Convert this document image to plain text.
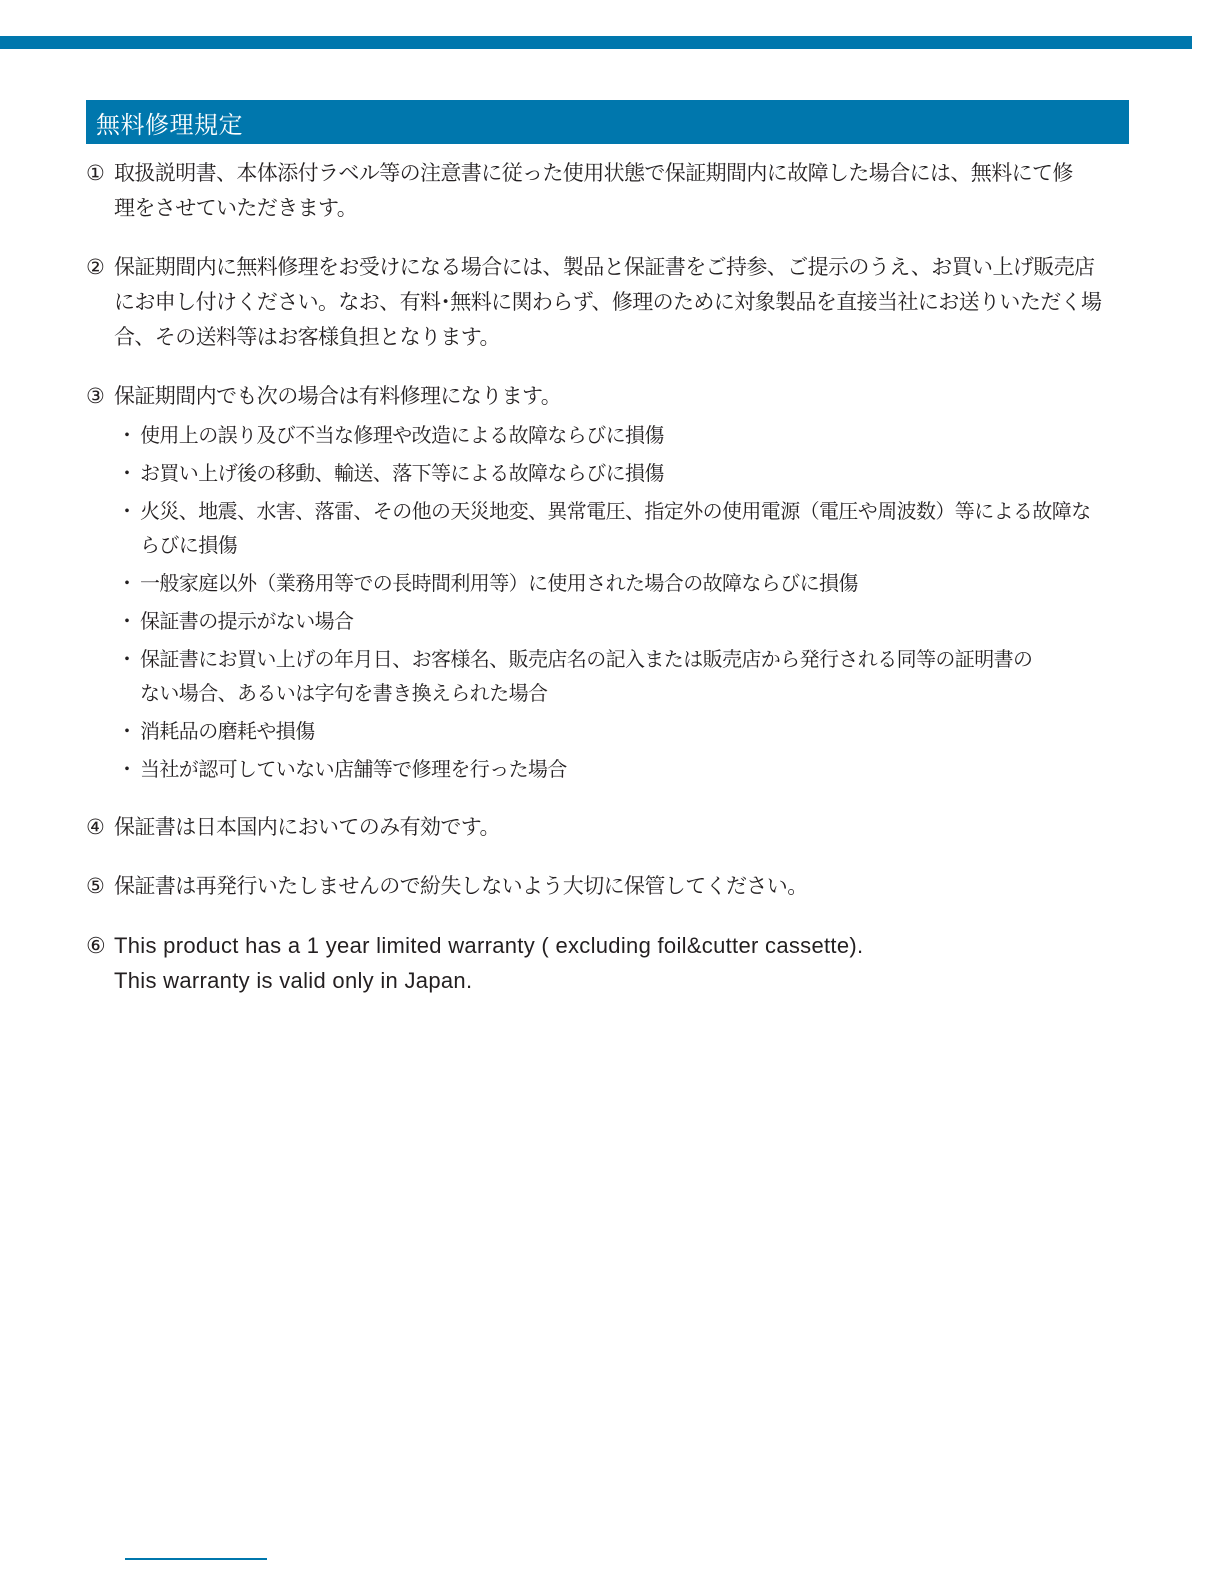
無料修理規定
① 取扱説明書、本体添付ラベル等の注意書に従った使用状態で保証期間内に故障した場合には、無料にて修
理をさせていただきます。
② 保証期間内に無料修理をお受けになる場合には、製品と保証書をご持参、ご提示のうえ、お買い上げ販売店
にお申し付けください。なお、有料･無料に関わらず、修理のために対象製品を直接当社にお送りいただく場
合、その送料等はお客様負担となります。
③ 保証期間内でも次の場合は有料修理になります。
･ 使用上の誤り及び不当な修理や改造による故障ならびに損傷
･ お買い上げ後の移動、輸送、落下等による故障ならびに損傷
･ 火災、地震、水害、落雷、その他の天災地変、異常電圧、指定外の使用電源（電圧や周波数）等による故障な
らびに損傷
･ 一般家庭以外（業務用等での長時間利用等）に使用された場合の故障ならびに損傷
･ 保証書の提示がない場合
･ 保証書にお買い上げの年月日、お客様名、販売店名の記入または販売店から発行される同等の証明書の
ない場合、あるいは字句を書き換えられた場合
･ 消耗品の磨耗や損傷
･ 当社が認可していない店舗等で修理を行った場合
④ 保証書は日本国内においてのみ有効です。
⑤ 保証書は再発行いたしませんので紛失しないよう大切に保管してください。
⑥ This product has a 1 year limited warranty ( excluding foil&cutter cassette).
This warranty is valid only in Japan.
